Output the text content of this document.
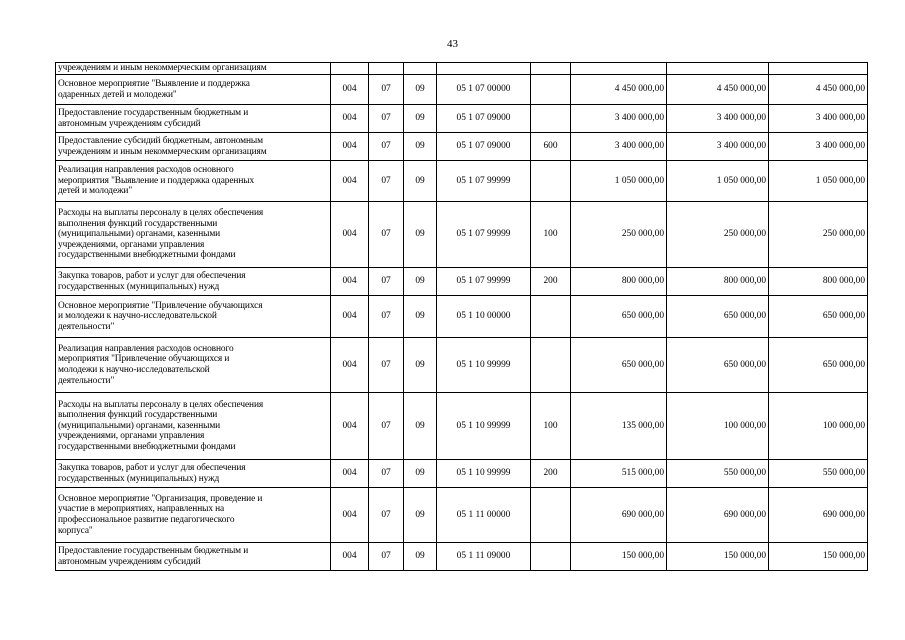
43
учреждениям и иным некоммерческим организациям								
Основное мероприятие "Выявление и поддержка
одаренных детей и молодежи"	004	07	09	05 1 07 00000		4 450 000,00	4 450 000,00	4 450 000,00
Предоставление государственным бюджетным и
автономным учреждениям субсидий	004	07	09	05 1 07 09000		3 400 000,00	3 400 000,00	3 400 000,00
Предоставление субсидий бюджетным, автономным
учреждениям и иным некоммерческим организациям	004	07	09	05 1 07 09000	600	3 400 000,00	3 400 000,00	3 400 000,00
Реализация направления расходов основного
мероприятия "Выявление и поддержка одаренных
детей и молодежи"	004	07	09	05 1 07 99999		1 050 000,00	1 050 000,00	1 050 000,00
Расходы на выплаты персоналу в целях обеспечения
выполнения функций государственными
(муниципальными) органами, казенными
учреждениями, органами управления
государственными внебюджетными фондами	004	07	09	05 1 07 99999	100	250 000,00	250 000,00	250 000,00
Закупка товаров, работ и услуг для обеспечения
государственных (муниципальных) нужд	004	07	09	05 1 07 99999	200	800 000,00	800 000,00	800 000,00
Основное мероприятие "Привлечение обучающихся
и молодежи к научно-исследовательской
деятельности"	004	07	09	05 1 10 00000		650 000,00	650 000,00	650 000,00
Реализация направления расходов основного
мероприятия "Привлечение обучающихся и
молодежи к научно-исследовательской
деятельности"	004	07	09	05 1 10 99999		650 000,00	650 000,00	650 000,00
Расходы на выплаты персоналу в целях обеспечения
выполнения функций государственными
(муниципальными) органами, казенными
учреждениями, органами управления
государственными внебюджетными фондами	004	07	09	05 1 10 99999	100	135 000,00	100 000,00	100 000,00
Закупка товаров, работ и услуг для обеспечения
государственных (муниципальных) нужд	004	07	09	05 1 10 99999	200	515 000,00	550 000,00	550 000,00
Основное мероприятие "Организация, проведение и
участие в мероприятиях, направленных на
профессиональное развитие педагогического
корпуса"	004	07	09	05 1 11 00000		690 000,00	690 000,00	690 000,00
Предоставление государственным бюджетным и
автономным учреждениям субсидий	004	07	09	05 1 11 09000		150 000,00	150 000,00	150 000,00
